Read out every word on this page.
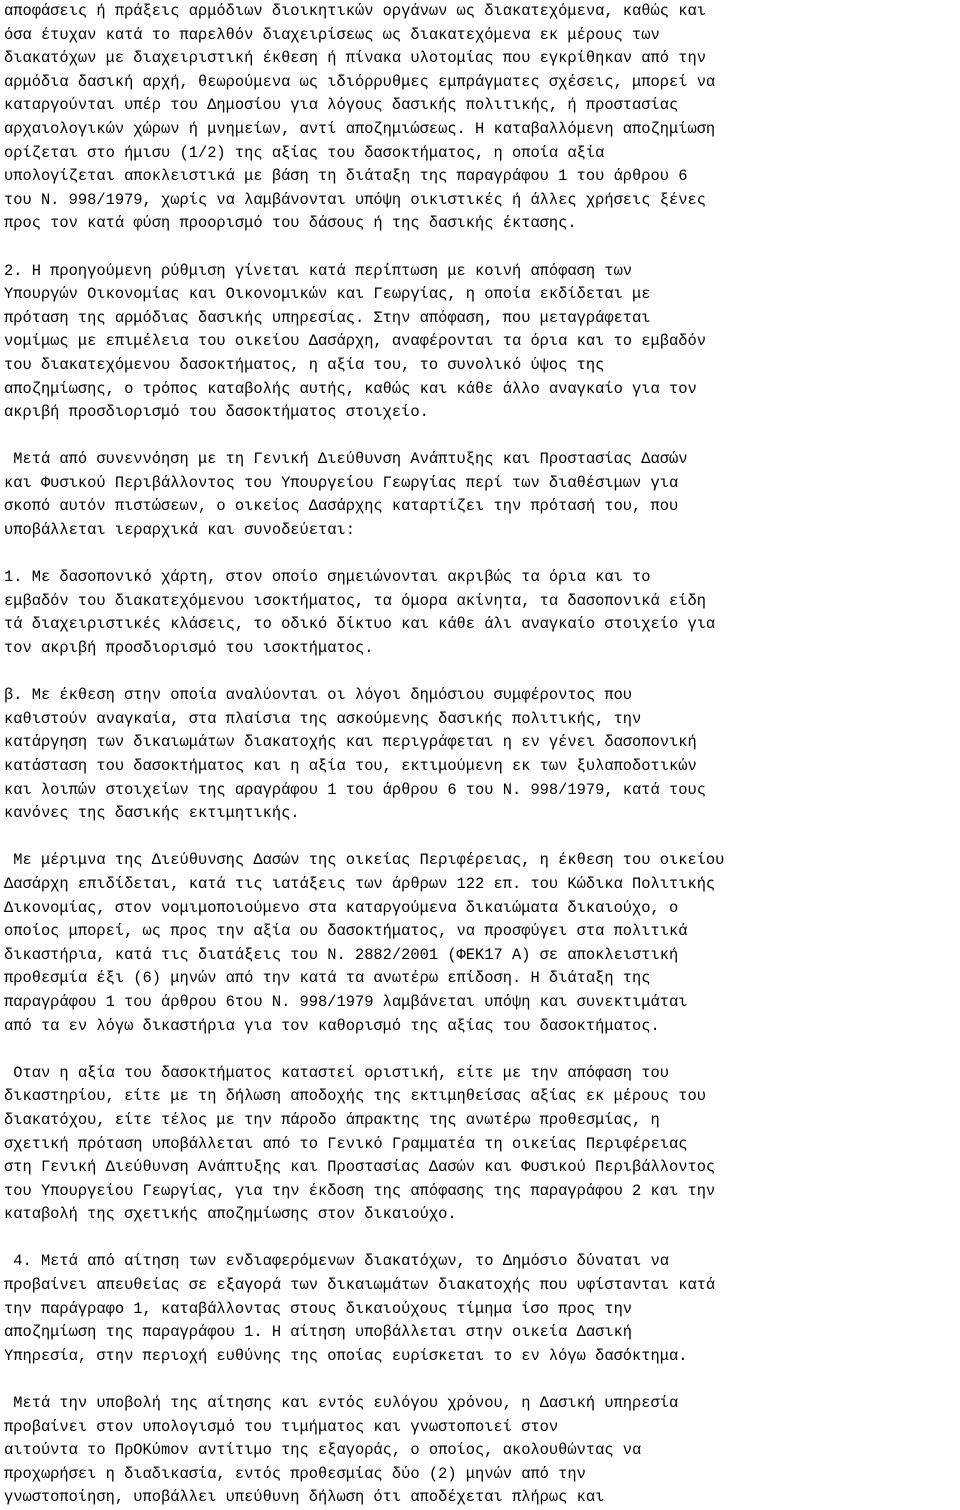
αποφάσεις ή πράξεις αρμόδιων διοικητικών οργάνων ως διακατεχόμενα, καθώς και
όσα έτυχαν κατά το παρελθόν διαχειρίσεως ως διακατεχόμενα εκ μέρους των
διακατόχων με διαχειριστική έκθεση ή πίνακα υλοτομίας που εγκρίθηκαν από την
αρμόδια δασική αρχή, θεωρούμενα ως ιδιόρρυθμες εμπράγματες σχέσεις, μπορεί να
καταργούνται υπέρ του Δημοσίου για λόγους δασικής πολιτικής, ή προστασίας
αρχαιολογικών χώρων ή μνημείων, αντί αποζημιώσεως. Η καταβαλλόμενη αποζημίωση
ορίζεται στο ήμισυ (1/2) της αξίας του δασοκτήματος, η οποία αξία
υπολογίζεται αποκλειστικά με βάση τη διάταξη της παραγράφου 1 του άρθρου 6
του Ν. 998/1979, χωρίς να λαμβάνονται υπόψη οικιστικές ή άλλες χρήσεις ξένες
προς τον κατά φύση προορισμό του δάσους ή της δασικής έκτασης.
2. Η προηγούμενη ρύθμιση γίνεται κατά περίπτωση με κοινή απόφαση των
Υπουργών Οικονομίας και Οικονομικών και Γεωργίας, η οποία εκδίδεται με
πρόταση της αρμόδιας δασικής υπηρεσίας. Στην απόφαση, που μεταγράφεται
νομίμως με επιμέλεια του οικείου Δασάρχη, αναφέρονται τα όρια και το εμβαδόν
του διακατεχόμενου δασοκτήματος, η αξία του, το συνολικό ύψος της
αποζημίωσης, ο τρόπος καταβολής αυτής, καθώς και κάθε άλλο αναγκαίο για τον
ακριβή προσδιορισμό του δασοκτήματος στοιχείο.
Μετά από συνεννόηση με τη Γενική Διεύθυνση Ανάπτυξης και Προστασίας Δασών
και Φυσικού Περιβάλλοντος του Υπουργείου Γεωργίας περί των διαθέσιμων για
σκοπό αυτόν πιστώσεων, ο οικείος Δασάρχης καταρτίζει την πρότασή του, που
υποβάλλεται ιεραρχικά και συνοδεύεται:
1. Με δασοπονικό χάρτη, στον οποίο σημειώνονται ακριβώς τα όρια και το
εμβαδόν του διακατεχόμενου ισοκτήματος, τα όμορα ακίνητα, τα δασοπονικά είδη
τά διαχειριστικές κλάσεις, το οδικό δίκτυο και κάθε άλι αναγκαίο στοιχείο για
τον ακριβή προσδιορισμό του ισοκτήματος.
β. Με έκθεση στην οποία αναλύονται οι λόγοι δημόσιου συμφέροντος που
καθιστούν αναγκαία, στα πλαίσια της ασκούμενης δασικής πολιτικής, την
κατάργηση των δικαιωμάτων διακατοχής και περιγράφεται η εν γένει δασοπονική
κατάσταση του δασοκτήματος και η αξία του, εκτιμούμενη εκ των ξυλαποδοτικών
και λοιπών στοιχείων της αραγράφου 1 του άρθρου 6 του Ν. 998/1979, κατά τους
κανόνες της δασικής εκτιμητικής.
Με μέριμνα της Διεύθυνσης Δασών της οικείας Περιφέρειας, η έκθεση του οικείου
Δασάρχη επιδίδεται, κατά τις ιατάξεις των άρθρων 122 επ. του Κώδικα Πολιτικής
Δικονομίας, στον νομιμοποιούμενο στα καταργούμενα δικαιώματα δικαιούχο, ο
οποίος μπορεί, ως προς την αξία ου δασοκτήματος, να προσφύγει στα πολιτικά
δικαστήρια, κατά τις διατάξεις του Ν. 2882/2001 (ΦΕΚ17 Α) σε αποκλειστική
προθεσμία έξι (6) μηνών από την κατά τα ανωτέρω επίδοση. Η διάταξη της
παραγράφου 1 του άρθρου 6του Ν. 998/1979 λαμβάνεται υπόψη και συνεκτιμάται
από τα εν λόγω δικαστήρια για τον καθορισμό της αξίας του δασοκτήματος.
Οταν η αξία του δασοκτήματος καταστεί οριστική, είτε με την απόφαση του
δικαστηρίου, είτε με τη δήλωση αποδοχής της εκτιμηθείσας αξίας εκ μέρους του
διακατόχου, είτε τέλος με την πάροδο άπρακτης της ανωτέρω προθεσμίας, η
σχετική πρόταση υποβάλλεται από το Γενικό Γραμματέα τη οικείας Περιφέρειας
στη Γενική Διεύθυνση Ανάπτυξης και Προστασίας Δασών και Φυσικού Περιβάλλοντος
του Υπουργείου Γεωργίας, για την έκδοση της απόφασης της παραγράφου 2 και την
καταβολή της σχετικής αποζημίωσης στον δικαιούχο.
4. Μετά από αίτηση των ενδιαφερόμενων διακατόχων, το Δημόσιο δύναται να
προβαίνει απευθείας σε εξαγορά των δικαιωμάτων διακατοχής που υφίστανται κατά
την παράγραφο 1, καταβάλλοντας στους δικαιούχους τίμημα ίσο προς την
αποζημίωση της παραγράφου 1. Η αίτηση υποβάλλεται στην οικεία Δασική
Υπηρεσία, στην περιοχή ευθύνης της οποίας ευρίσκεται το εν λόγω δασόκτημα.
Μετά την υποβολή της αίτησης και εντός ευλόγου χρόνου, η Δασική υπηρεσία
προβαίνει στον υπολογισμό του τιμήματος και γνωστοποιεί στον
αιτούντα το ΠρΟΚύmoν αντίτιμο της εξαγοράς, ο οποίος, ακολουθώντας να
προχωρήσει η διαδικασία, εντός προθεσμίας δύο (2) μηνών από την
γνωστοποίηση, υποβάλλει υπεύθυνη δήλωση ότι αποδέχεται πλήρως και
